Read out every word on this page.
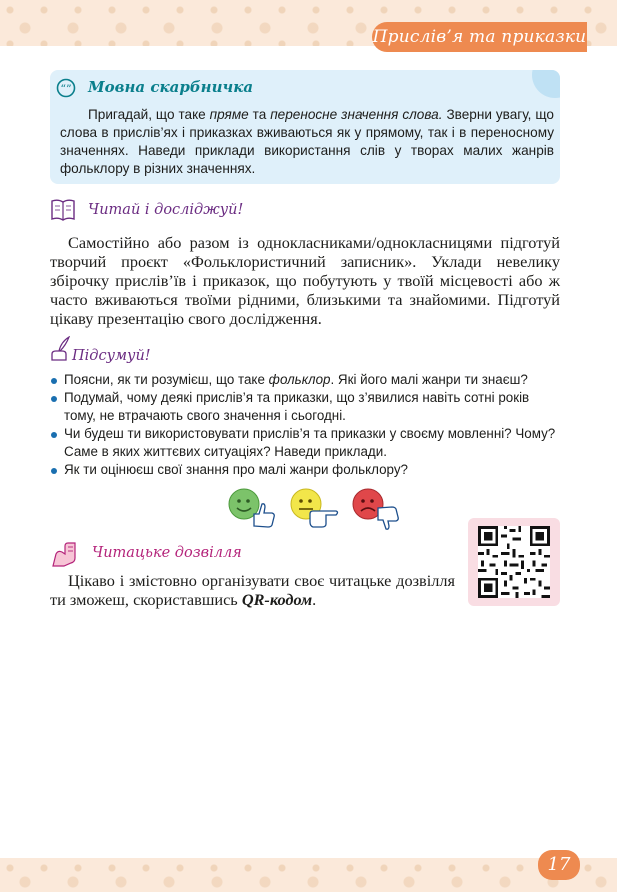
Прислів’я та приказки
“” Мовна скарбничка
Пригадай, що таке пряме та переносне значення слова. Зверни увагу, що слова в прислів’ях і приказках вживаються як у прямому, так і в переносному значеннях. Наведи приклади використання слів у творах малих жанрів фольклору в різних значеннях.
Читай і досліджуй!
Самостійно або разом із однокласниками/однокласницями підготуй творчий проєкт «Фольклористичний записник». Уклади невелику збірочку прислів’їв і приказок, що побутують у твоїй місцевості або ж часто вживаються твоїми рідними, близькими та знайомими. Підготуй цікаву презентацію свого дослідження.
Підсумуй!
Поясни, як ти розумієш, що таке фольклор. Які його малі жанри ти знаєш?
Подумай, чому деякі прислів’я та приказки, що з’явилися навіть сотні років тому, не втрачають свого значення і сьогодні.
Чи будеш ти використовувати прислів’я та приказки у своєму мовленні? Чому? Саме в яких життєвих ситуаціях? Наведи приклади.
Як ти оцінюєш свої знання про малі жанри фольклору?
Читацьке дозвілля
Цікаво і змістовно організувати своє читацьке дозвілля ти зможеш, скориставшись QR-кодом.
17
